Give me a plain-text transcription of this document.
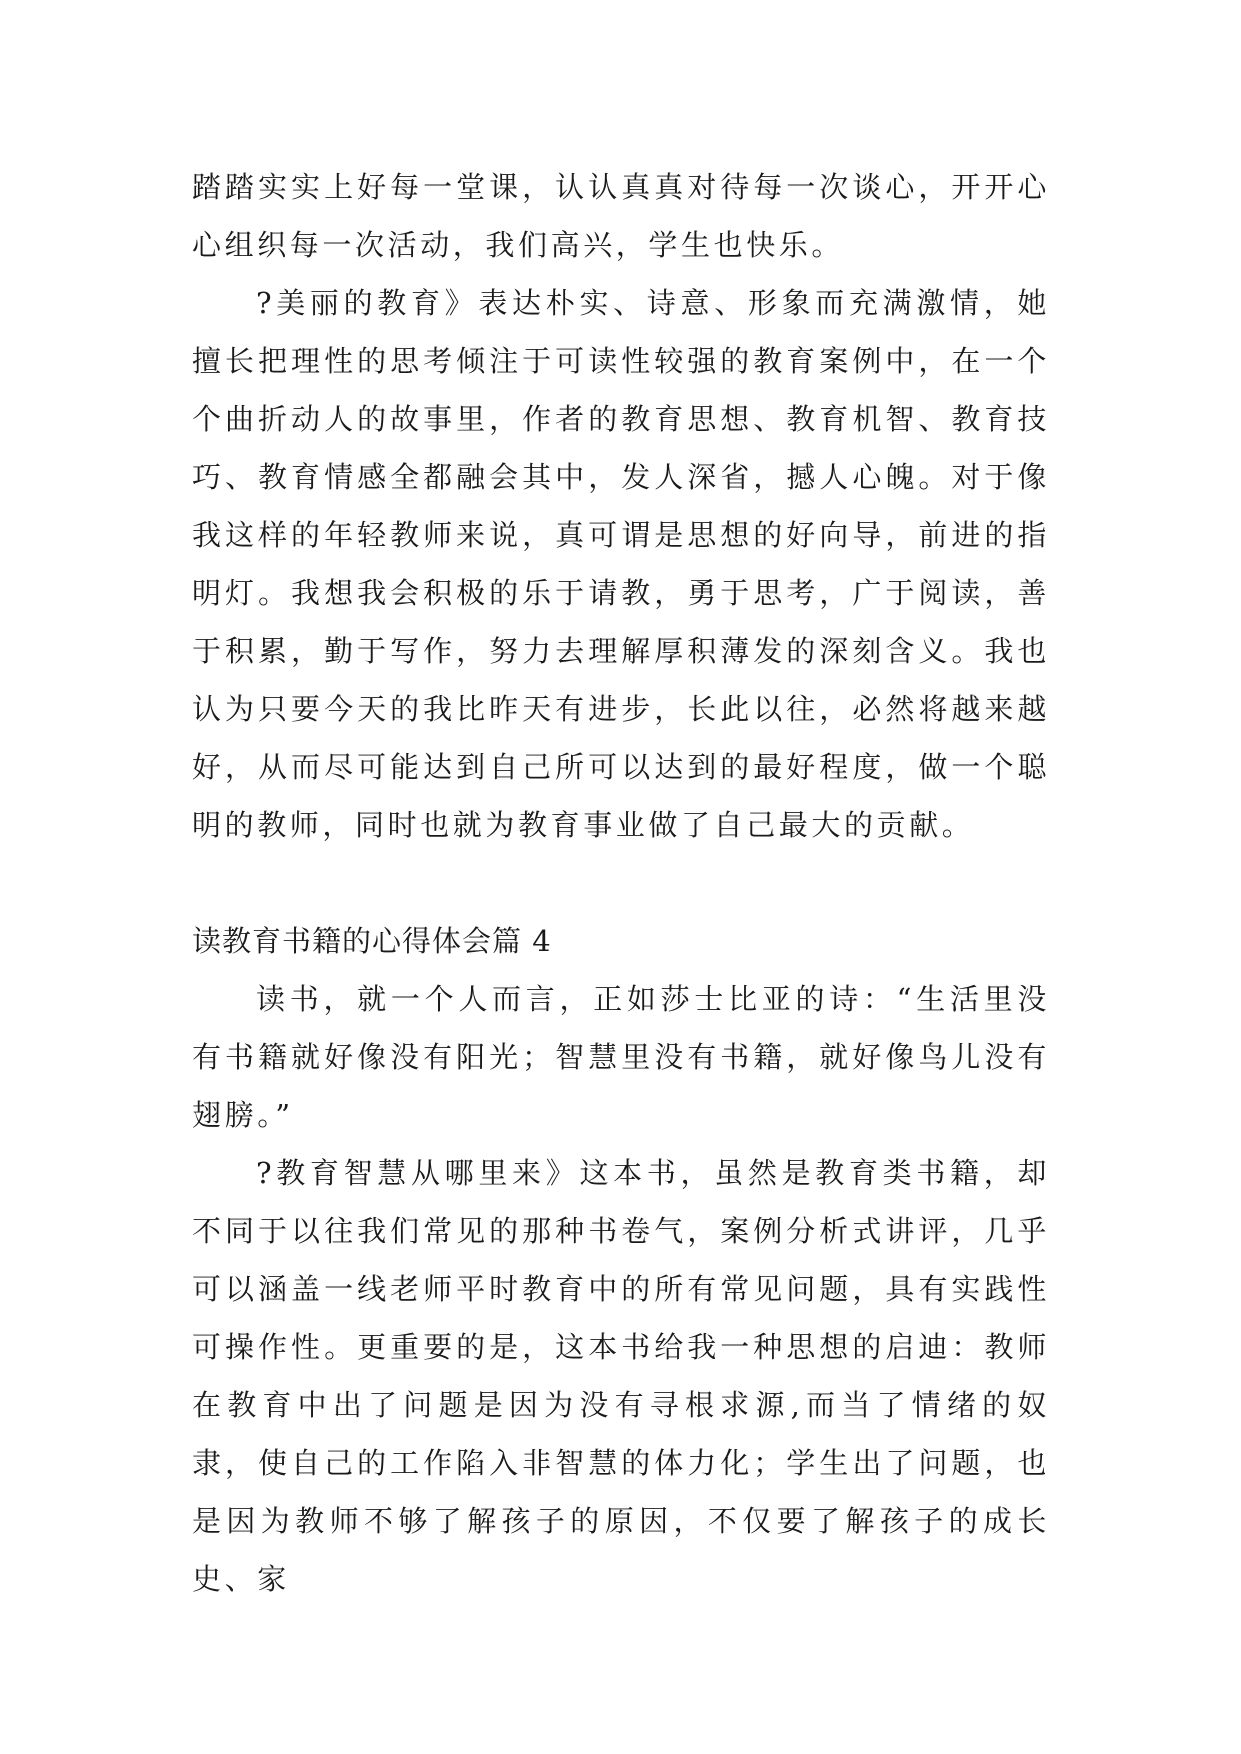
踏踏实实上好每一堂课，认认真真对待每一次谈心，开开心心组织每一次活动，我们高兴，学生也快乐。

?美丽的教育》表达朴实、诗意、形象而充满激情，她擅长把理性的思考倾注于可读性较强的教育案例中，在一个个曲折动人的故事里，作者的教育思想、教育机智、教育技巧、教育情感全都融会其中，发人深省，撼人心魄。对于像我这样的年轻教师来说，真可谓是思想的好向导，前进的指明灯。我想我会积极的乐于请教，勇于思考，广于阅读，善于积累，勤于写作，努力去理解厚积薄发的深刻含义。我也认为只要今天的我比昨天有进步，长此以往，必然将越来越好，从而尽可能达到自己所可以达到的最好程度，做一个聪明的教师，同时也就为教育事业做了自己最大的贡献。

读教育书籍的心得体会篇 4

读书，就一个人而言，正如莎士比亚的诗：“生活里没有书籍就好像没有阳光；智慧里没有书籍，就好像鸟儿没有翅膀。”

?教育智慧从哪里来》这本书，虽然是教育类书籍，却不同于以往我们常见的那种书卷气，案例分析式讲评，几乎可以涵盖一线老师平时教育中的所有常见问题，具有实践性可操作性。更重要的是，这本书给我一种思想的启迪：教师在教育中出了问题是因为没有寻根求源,而当了情绪的奴隶，使自己的工作陷入非智慧的体力化；学生出了问题，也是因为教师不够了解孩子的原因，不仅要了解孩子的成长史、家
